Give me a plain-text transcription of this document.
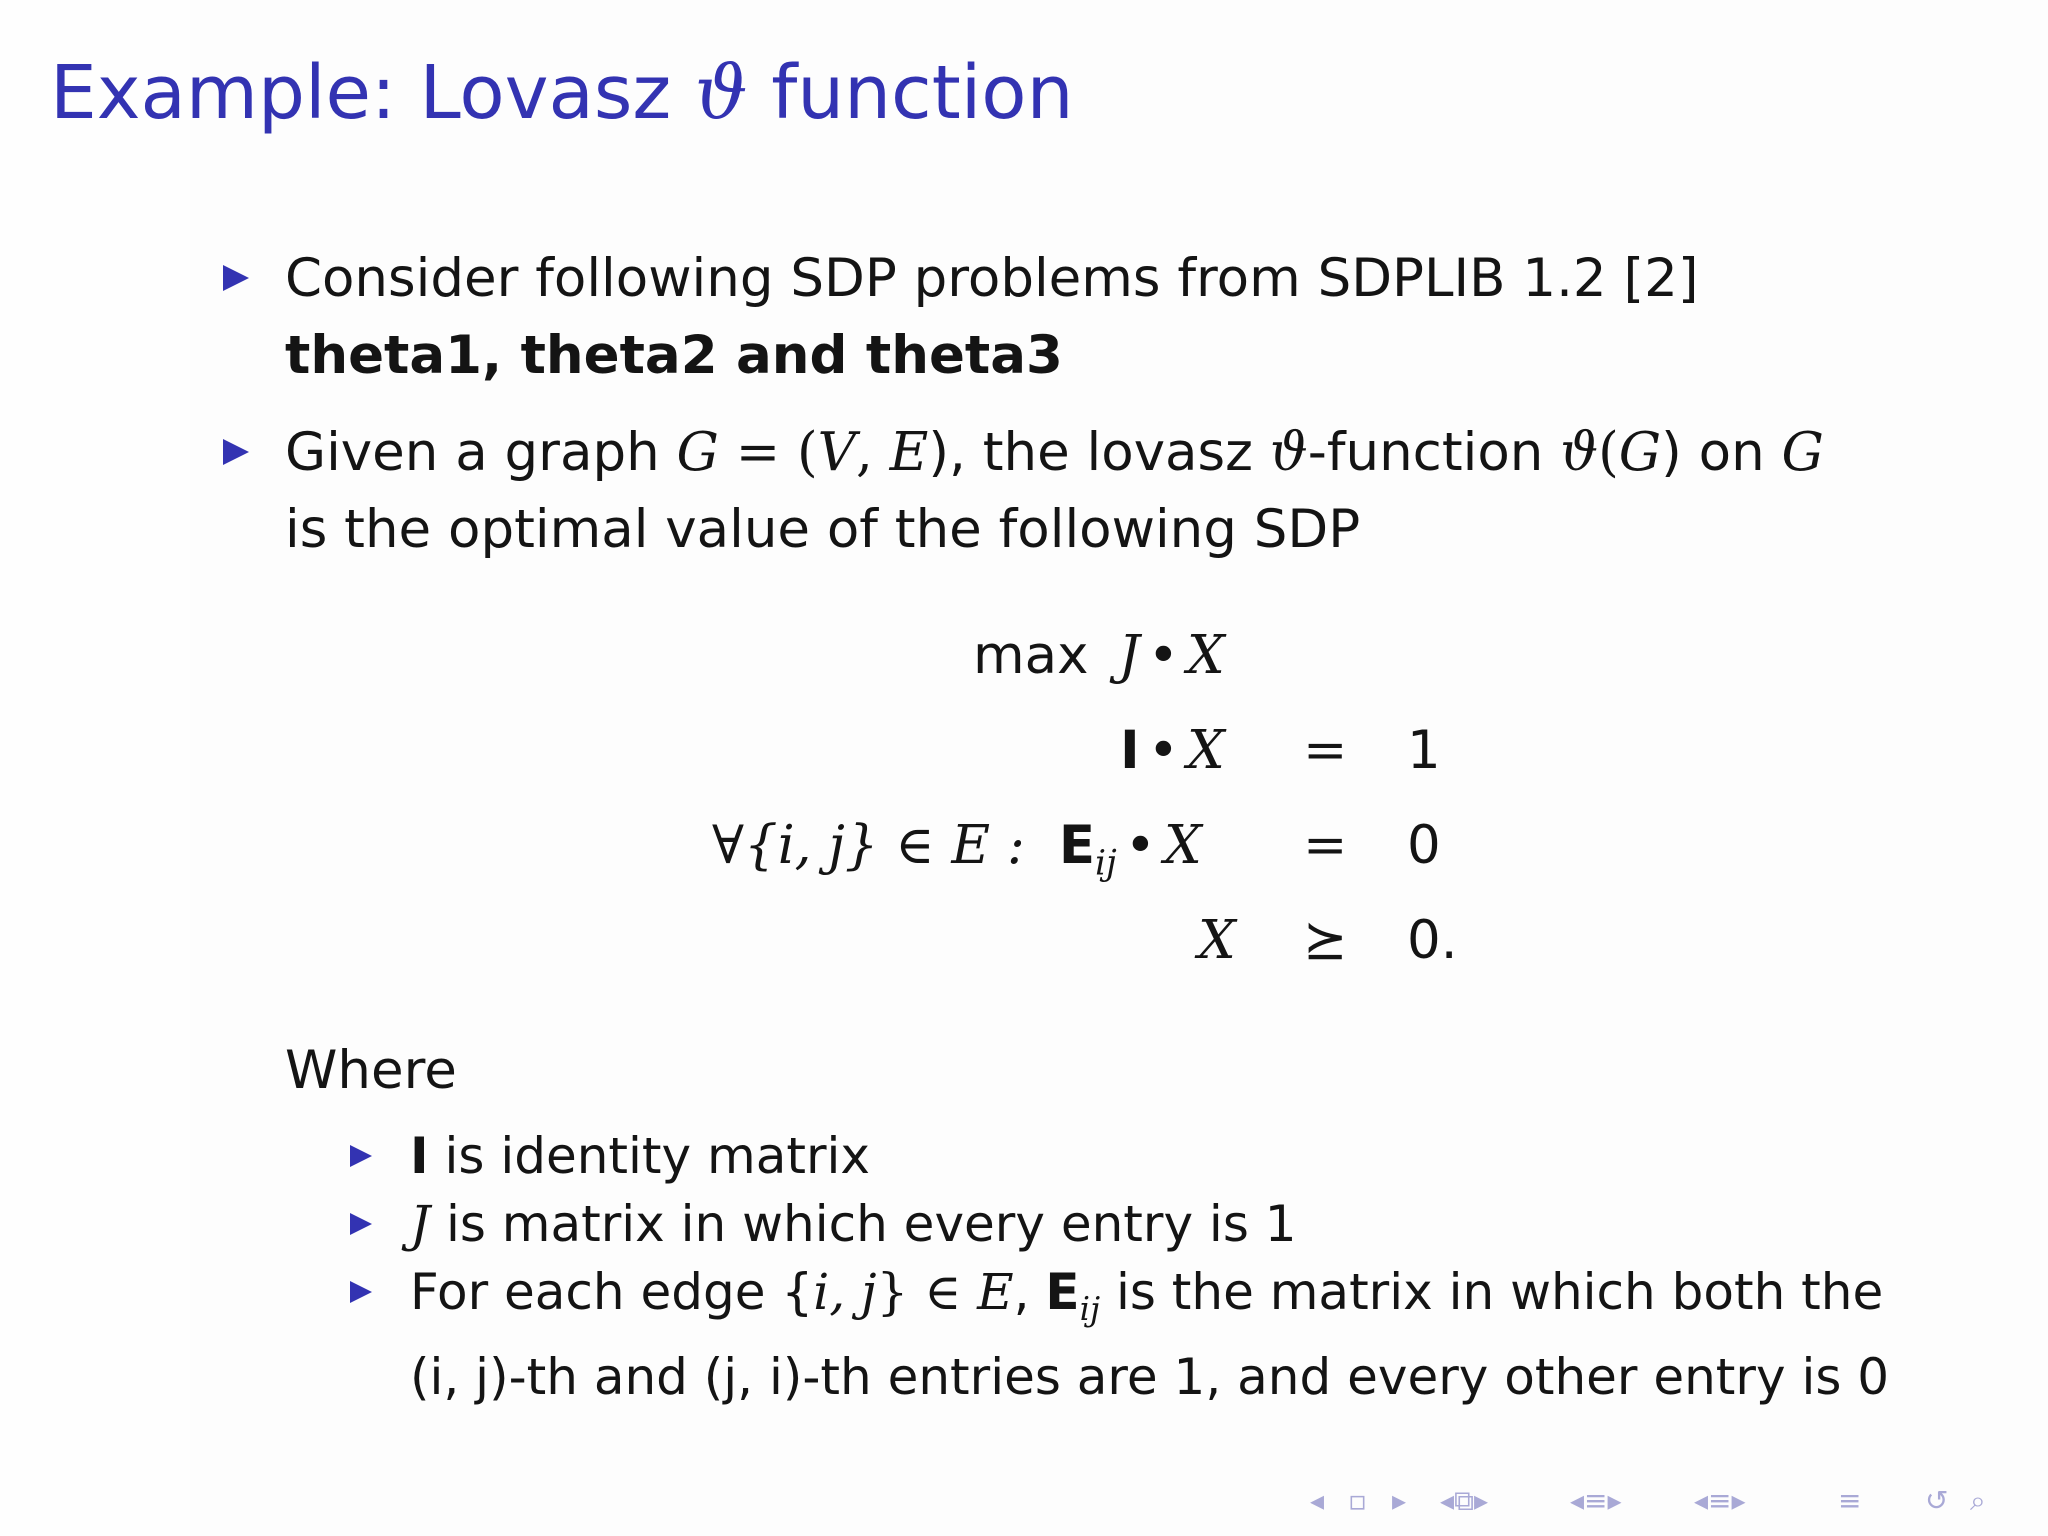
Example: Lovasz ϑ function
Consider following SDP problems from SDPLIB 1.2 [2]
theta1, theta2 and theta3
Given a graph G = (V, E), the lovasz ϑ-function ϑ(G) on G
is the optimal value of the following SDP
max J • X
I • X = 1
∀{i, j} ∈ E : $E_{ij}$ • X = 0
X ⪰ 0.
Where
I is identity matrix
J is matrix in which every entry is 1
For each edge {i, j} ∈ E, $E_{ij}$ is the matrix in which both the
(i, j)-th and (j, i)-th entries are 1, and every other entry is 0
◂ ▫ ▸ ◂⧉▸	◂≡▸	◂≡▸	≡ ↺ ⌕
